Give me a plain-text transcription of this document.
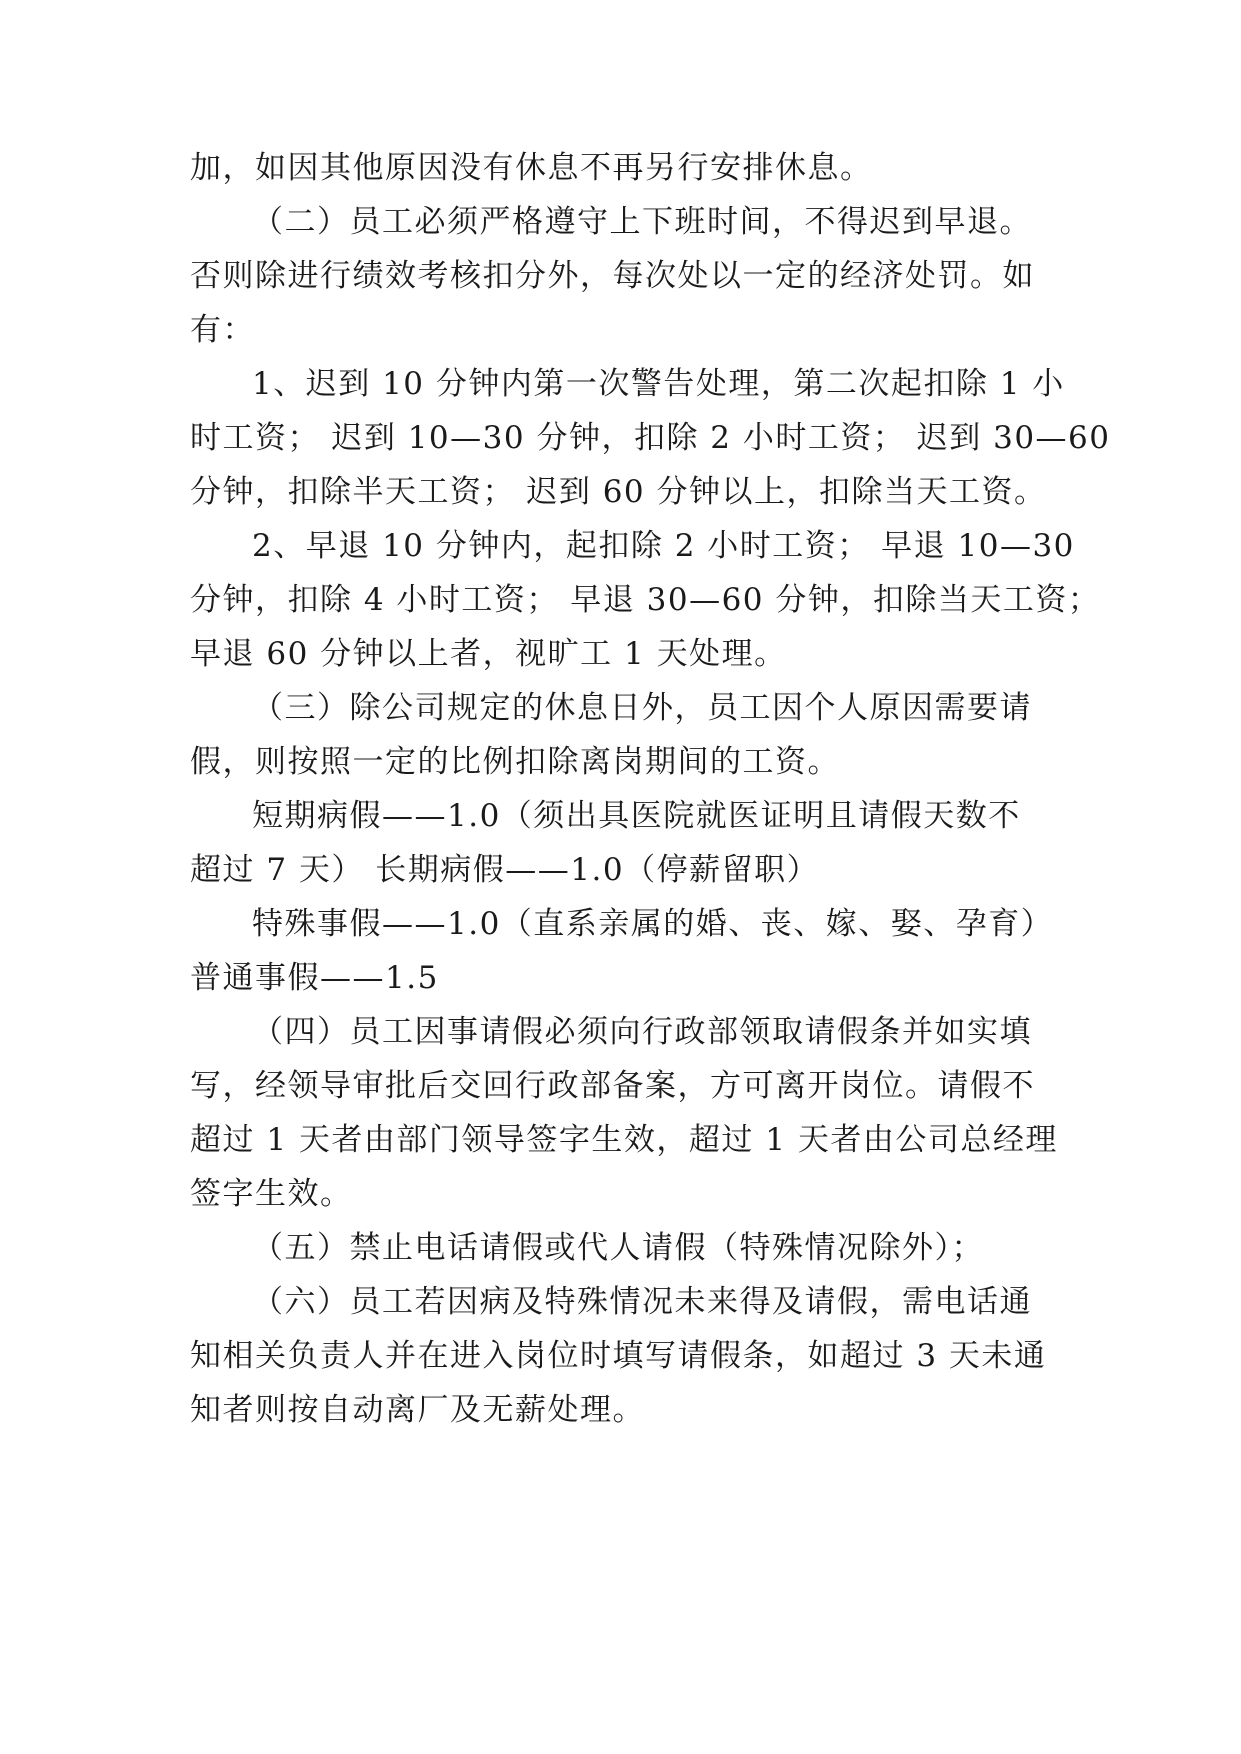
加，如因其他原因没有休息不再另行安排休息。

（二）员工必须严格遵守上下班时间，不得迟到早退。

否则除进行绩效考核扣分外，每次处以一定的经济处罚。如

有：

1、迟到 10 分钟内第一次警告处理，第二次起扣除 1 小

时工资； 迟到 10—30 分钟，扣除 2 小时工资； 迟到 30—60

分钟，扣除半天工资； 迟到 60 分钟以上，扣除当天工资。

2、早退 10 分钟内，起扣除 2 小时工资； 早退 10—30

分钟，扣除 4 小时工资； 早退 30—60 分钟，扣除当天工资；

早退 60 分钟以上者，视旷工 1 天处理。

（三）除公司规定的休息日外，员工因个人原因需要请

假，则按照一定的比例扣除离岗期间的工资。

短期病假——1.0（须出具医院就医证明且请假天数不

超过 7 天） 长期病假——1.0（停薪留职）

特殊事假——1.0（直系亲属的婚、丧、嫁、娶、孕育）

普通事假——1.5

（四）员工因事请假必须向行政部领取请假条并如实填

写，经领导审批后交回行政部备案，方可离开岗位。请假不

超过 1 天者由部门领导签字生效，超过 1 天者由公司总经理

签字生效。

（五）禁止电话请假或代人请假（特殊情况除外）；

（六）员工若因病及特殊情况未来得及请假，需电话通

知相关负责人并在进入岗位时填写请假条，如超过 3 天未通

知者则按自动离厂及无薪处理。
